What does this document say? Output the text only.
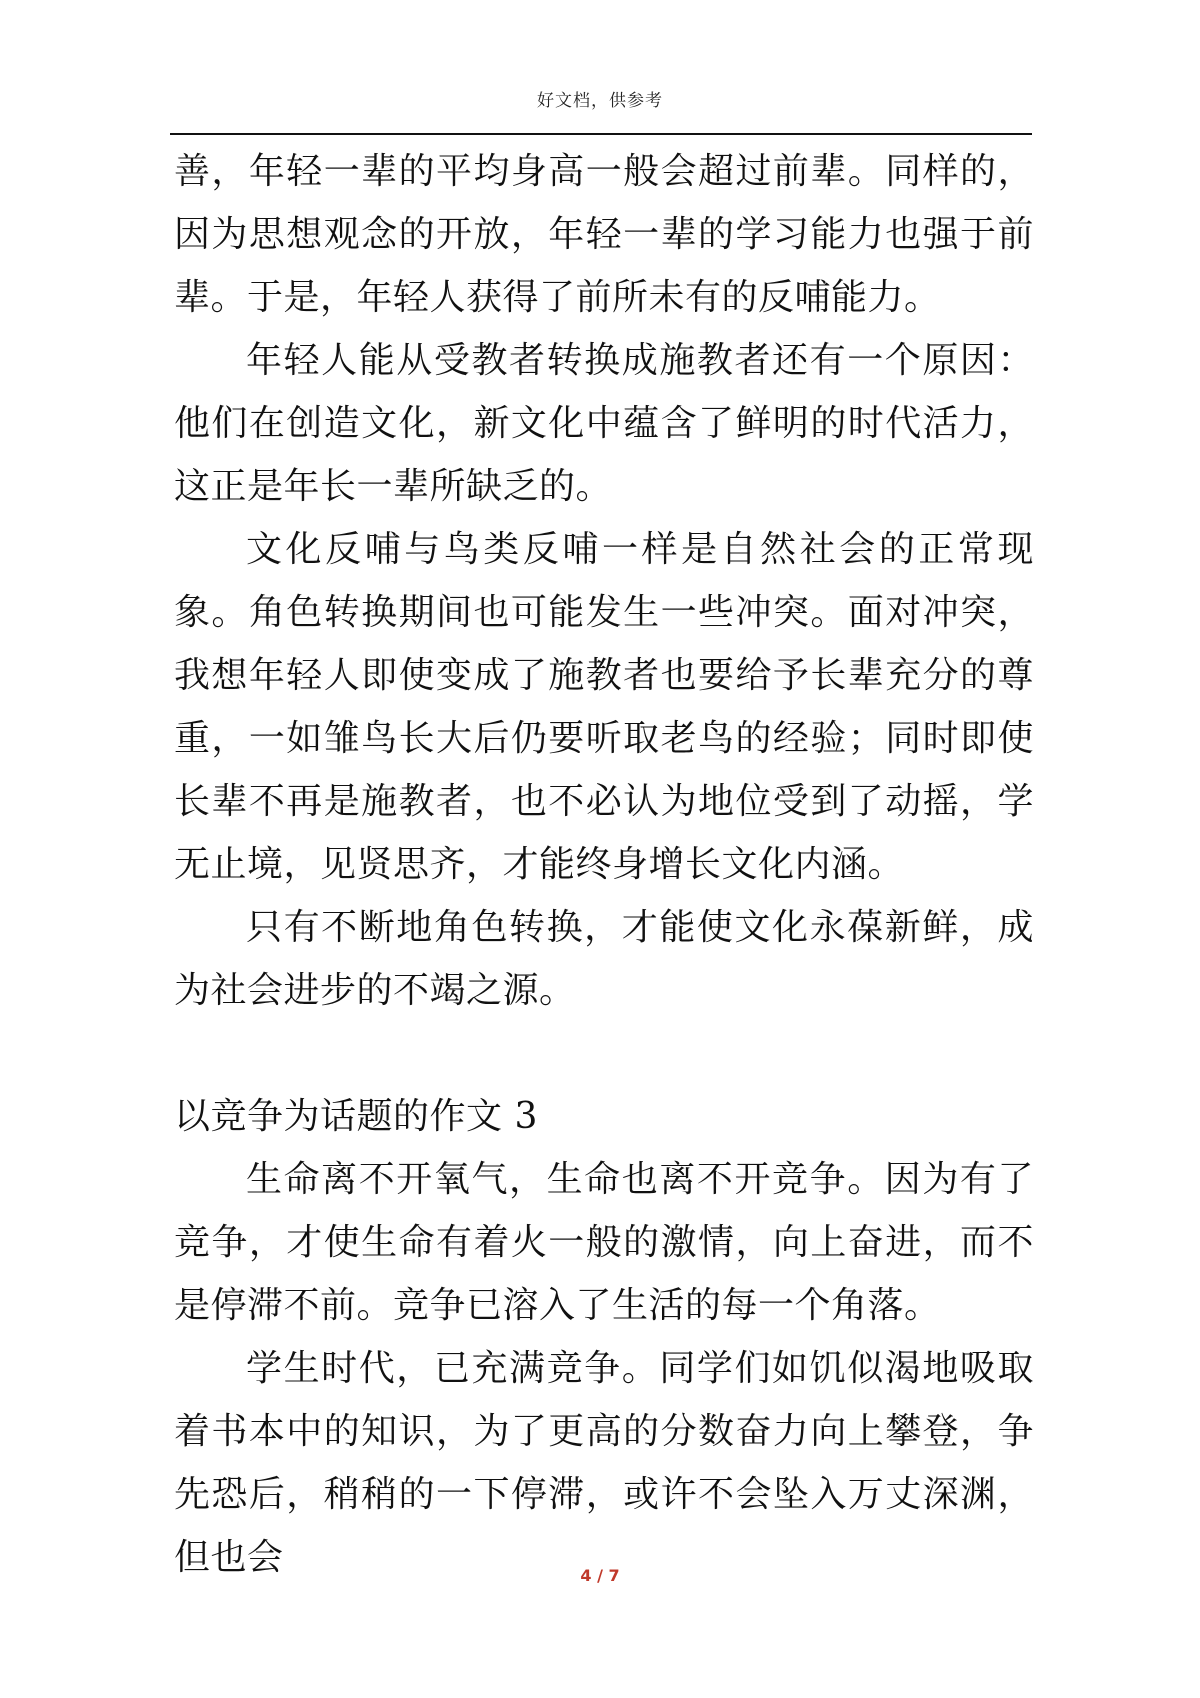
好文档，供参考

善，年轻一辈的平均身高一般会超过前辈。同样的，因为思想观念的开放，年轻一辈的学习能力也强于前辈。于是，年轻人获得了前所未有的反哺能力。

年轻人能从受教者转换成施教者还有一个原因：他们在创造文化，新文化中蕴含了鲜明的时代活力，这正是年长一辈所缺乏的。

文化反哺与鸟类反哺一样是自然社会的正常现象。角色转换期间也可能发生一些冲突。面对冲突，我想年轻人即使变成了施教者也要给予长辈充分的尊重，一如雏鸟长大后仍要听取老鸟的经验；同时即使长辈不再是施教者，也不必认为地位受到了动摇，学无止境，见贤思齐，才能终身增长文化内涵。

只有不断地角色转换，才能使文化永葆新鲜，成为社会进步的不竭之源。

以竞争为话题的作文 3

生命离不开氧气，生命也离不开竞争。因为有了竞争，才使生命有着火一般的激情，向上奋进，而不是停滞不前。竞争已溶入了生活的每一个角落。

学生时代，已充满竞争。同学们如饥似渴地吸取着书本中的知识，为了更高的分数奋力向上攀登，争先恐后，稍稍的一下停滞，或许不会坠入万丈深渊，但也会	4 / 7
